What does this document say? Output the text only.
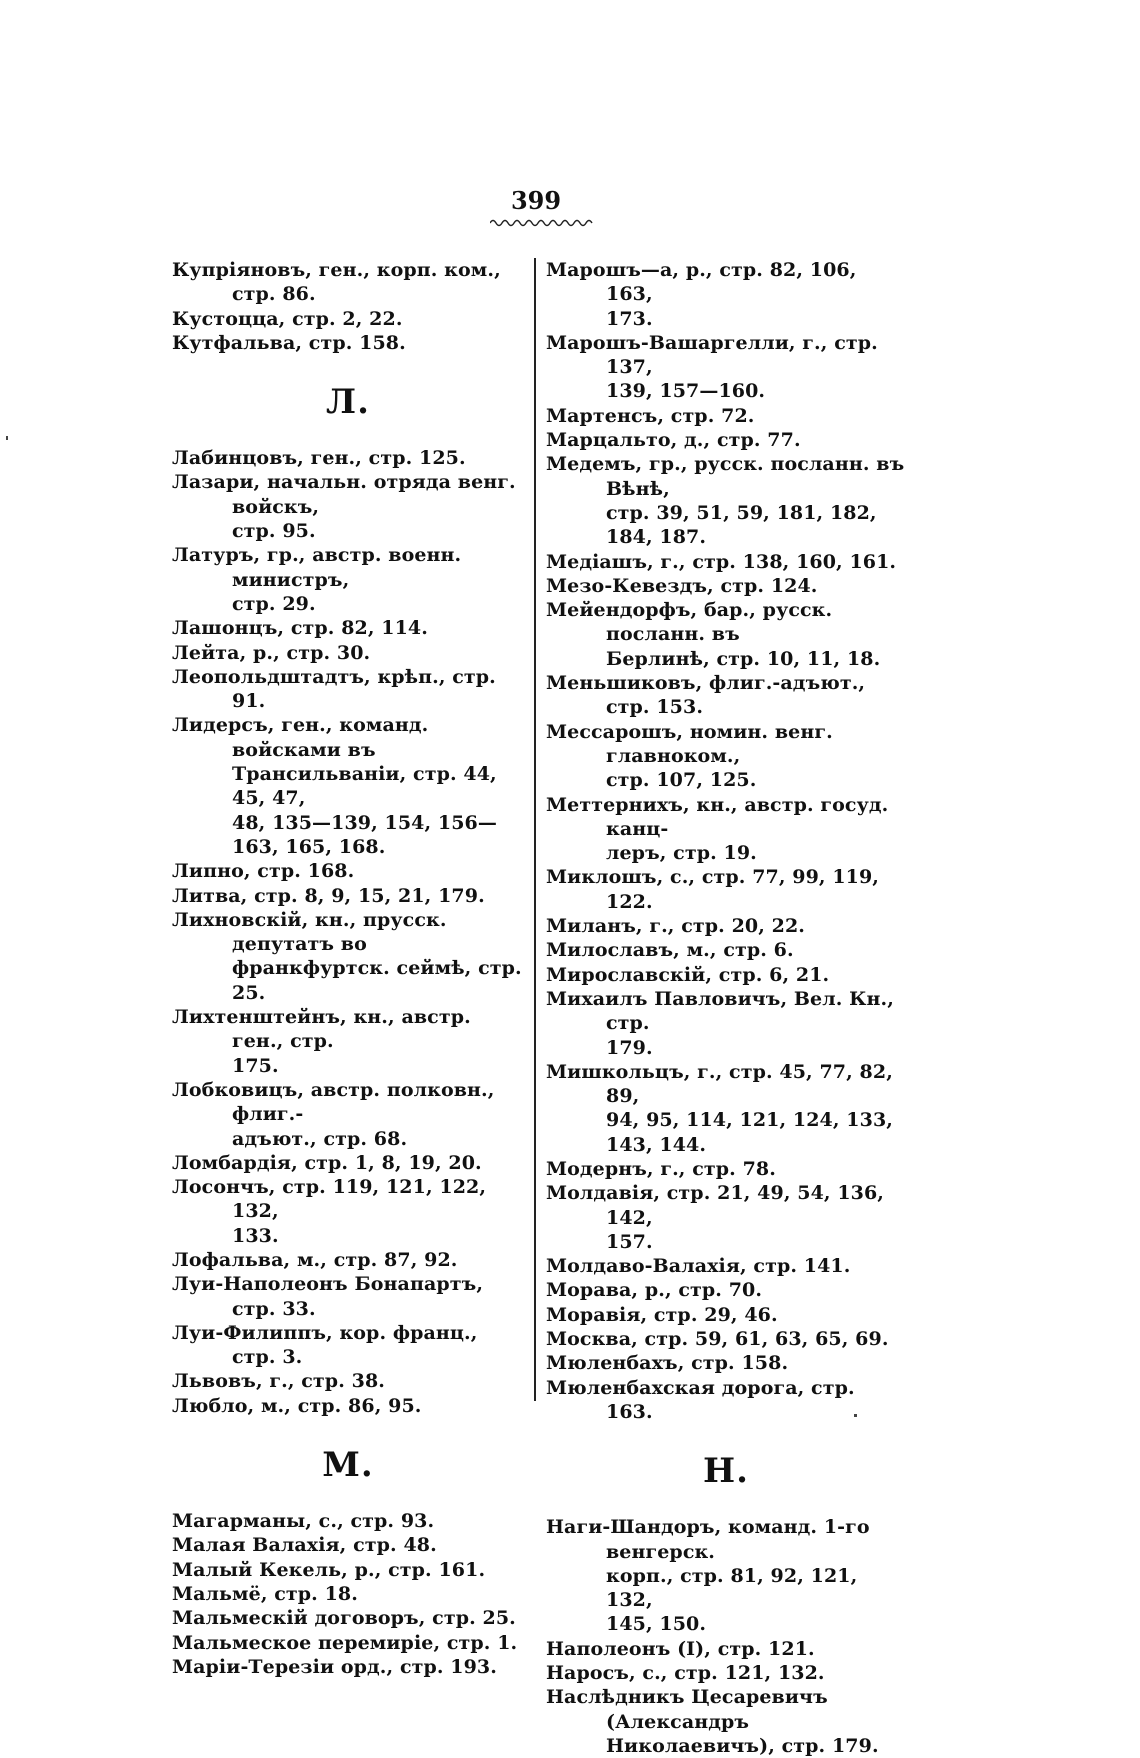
399
Купріяновъ, ген., корп. ком., стр. 86.
Кустоцца, стр. 2, 22.
Кутфальва, стр. 158.
Л.
Лабинцовъ, ген., стр. 125.
Лазари, начальн. отряда венг. войскъ,
стр. 95.
Латуръ, гр., австр. военн. министръ,
стр. 29.
Лашонцъ, стр. 82, 114.
Лейта, р., стр. 30.
Леопольдштадтъ, крѣп., стр. 91.
Лидерсъ, ген., команд. войсками въ
Трансильваніи, стр. 44, 45, 47,
48, 135—139, 154, 156—
163, 165, 168.
Липно, стр. 168.
Литва, стр. 8, 9, 15, 21, 179.
Лихновскій, кн., прусск. депутатъ во
франкфуртск. сеймѣ, стр. 25.
Лихтенштейнъ, кн., австр. ген., стр.
175.
Лобковицъ, австр. полковн., флиг.-
адъют., стр. 68.
Ломбардія, стр. 1, 8, 19, 20.
Лосончъ, стр. 119, 121, 122, 132,
133.
Лофальва, м., стр. 87, 92.
Луи-Наполеонъ Бонапартъ, стр. 33.
Луи-Филиппъ, кор. франц., стр. 3.
Львовъ, г., стр. 38.
Любло, м., стр. 86, 95.
М.
Магарманы, с., стр. 93.
Малая Валахія, стр. 48.
Малый Кекель, р., стр. 161.
Мальмё, стр. 18.
Мальмескій договоръ, стр. 25.
Мальмеское перемиріе, стр. 1.
Маріи-Терезіи орд., стр. 193.
Марошъ—а, р., стр. 82, 106, 163,
173.
Марошъ-Вашаргелли, г., стр. 137,
139, 157—160.
Мартенсъ, стр. 72.
Марцальто, д., стр. 77.
Медемъ, гр., русск. посланн. въ Вѣнѣ,
стр. 39, 51, 59, 181, 182,
184, 187.
Медіашъ, г., стр. 138, 160, 161.
Мезо-Кевездъ, стр. 124.
Мейендорфъ, бар., русск. посланн. въ
Берлинѣ, стр. 10, 11, 18.
Меньшиковъ, флиг.-адъют., стр. 153.
Мессарошъ, номин. венг. главноком.,
стр. 107, 125.
Меттернихъ, кн., австр. госуд. канц-
леръ, стр. 19.
Миклошъ, с., стр. 77, 99, 119, 122.
Миланъ, г., стр. 20, 22.
Милославъ, м., стр. 6.
Мирославскій, стр. 6, 21.
Михаилъ Павловичъ, Вел. Кн., стр.
179.
Мишкольцъ, г., стр. 45, 77, 82, 89,
94, 95, 114, 121, 124, 133,
143, 144.
Модернъ, г., стр. 78.
Молдавія, стр. 21, 49, 54, 136, 142,
157.
Молдаво-Валахія, стр. 141.
Морава, р., стр. 70.
Моравія, стр. 29, 46.
Москва, стр. 59, 61, 63, 65, 69.
Мюленбахъ, стр. 158.
Мюленбахская дорога, стр. 163.
Н.
Наги-Шандоръ, команд. 1-го венгерск.
корп., стр. 81, 92, 121, 132,
145, 150.
Наполеонъ (I), стр. 121.
Наросъ, с., стр. 121, 132.
Наслѣдникъ Цесаревичъ (Александръ
Николаевичъ), стр. 179.
